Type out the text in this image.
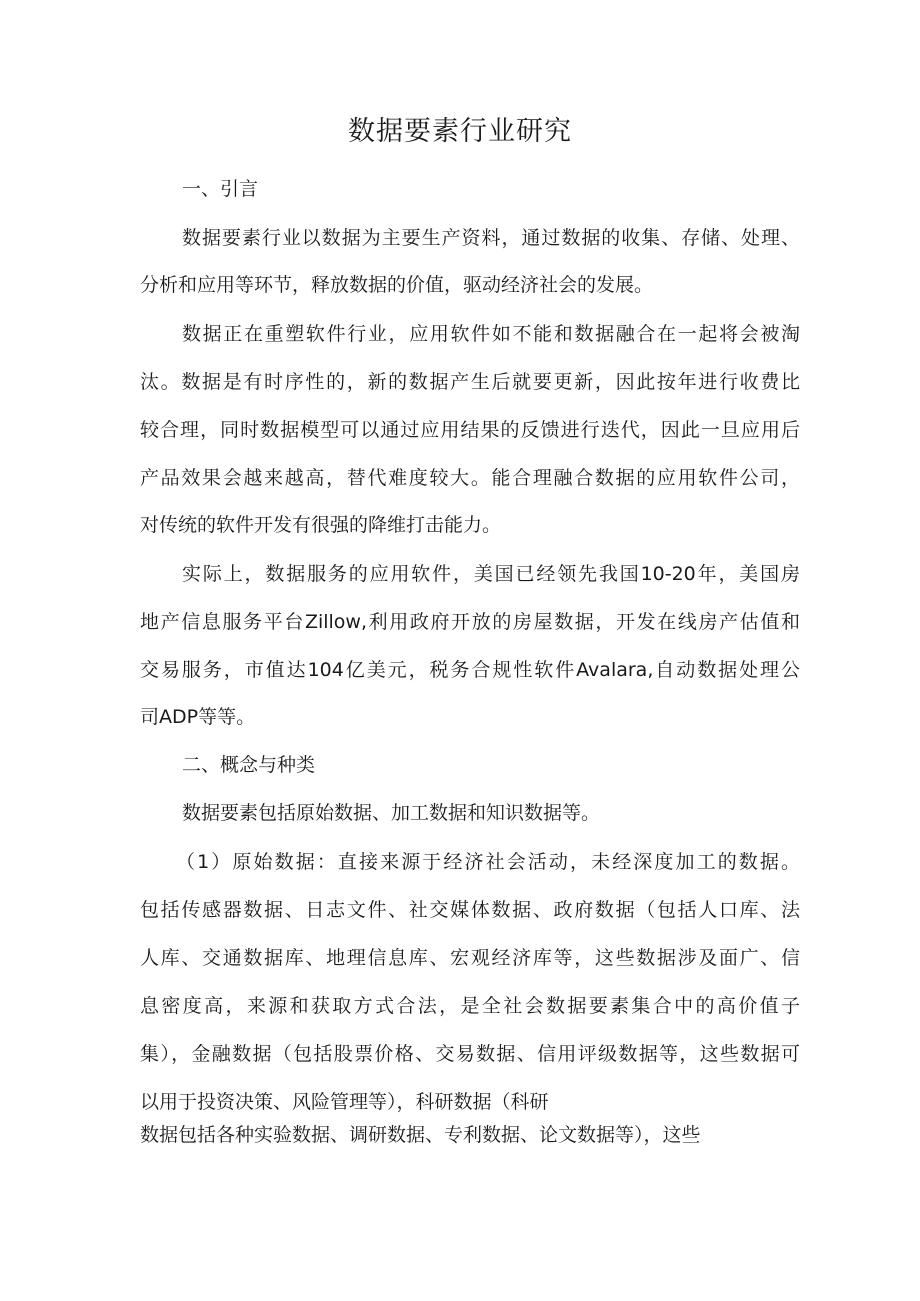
数据要素行业研究
一、引言
数据要素行业以数据为主要生产资料，通过数据的收集、存储、处理、
分析和应用等环节，释放数据的价值，驱动经济社会的发展。
数据正在重塑软件行业，应用软件如不能和数据融合在一起将会被淘
汰。数据是有时序性的，新的数据产生后就要更新，因此按年进行收费比
较合理，同时数据模型可以通过应用结果的反馈进行迭代，因此一旦应用后
产品效果会越来越高，替代难度较大。能合理融合数据的应用软件公司，
对传统的软件开发有很强的降维打击能力。
实际上，数据服务的应用软件，美国已经领先我国10-20年，美国房
地产信息服务平台Zillow,利用政府开放的房屋数据，开发在线房产估值和
交易服务，市值达104亿美元，税务合规性软件Avalara,自动数据处理公
司ADP等等。
二、概念与种类
数据要素包括原始数据、加工数据和知识数据等。
（1）原始数据：直接来源于经济社会活动，未经深度加工的数据。
包括传感器数据、日志文件、社交媒体数据、政府数据（包括人口库、法
人库、交通数据库、地理信息库、宏观经济库等，这些数据涉及面广、信
息密度高，来源和获取方式合法，是全社会数据要素集合中的高价值子
集），金融数据（包括股票价格、交易数据、信用评级数据等，这些数据可
以用于投资决策、风险管理等），科研数据（科研
数据包括各种实验数据、调研数据、专利数据、论文数据等），这些
